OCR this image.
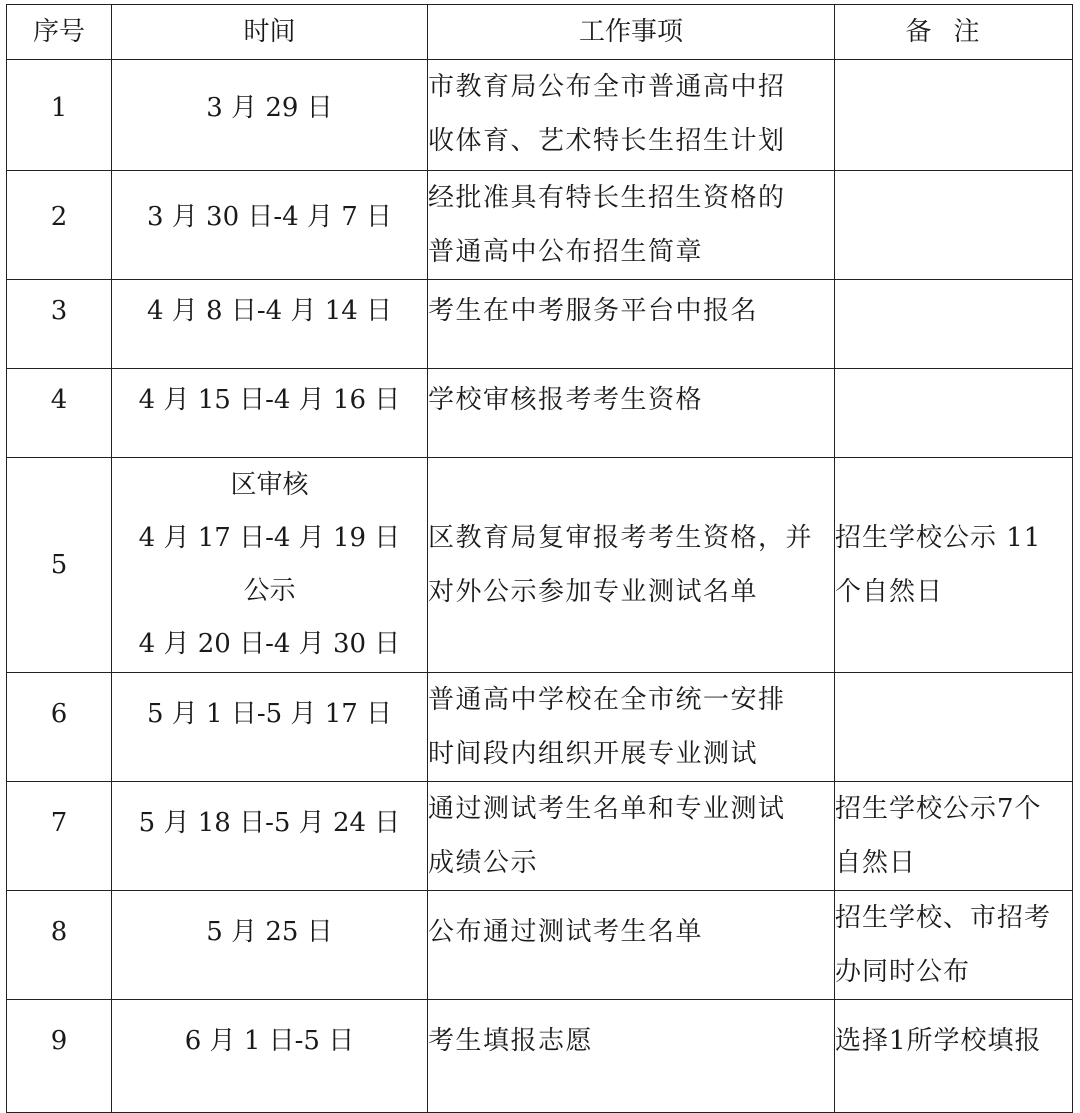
序号	时间	工作事项	备注
1	3 月 29 日	市教育局公布全市普通高中招
收体育、艺术特长生招生计划	

2	3 月 30 日-4 月 7 日	经批准具有特长生招生资格的
普通高中公布招生简章	

3	4 月 8 日-4 月 14 日	考生在中考服务平台中报名	

4	4 月 15 日-4 月 16 日	学校审核报考考生资格	

5	区审核
4 月 17 日-4 月 19 日
公示
4 月 20 日-4 月 30 日	区教育局复审报考考生资格，并
对外公示参加专业测试名单	招生学校公示 11
个自然日

6	5 月 1 日-5 月 17 日	普通高中学校在全市统一安排
时间段内组织开展专业测试	

7	5 月 18 日-5 月 24 日	通过测试考生名单和专业测试
成绩公示	招生学校公示7个
自然日

8	5 月 25 日	公布通过测试考生名单	招生学校、市招考
办同时公布

9	6 月 1 日-5 日	考生填报志愿	选择1所学校填报
